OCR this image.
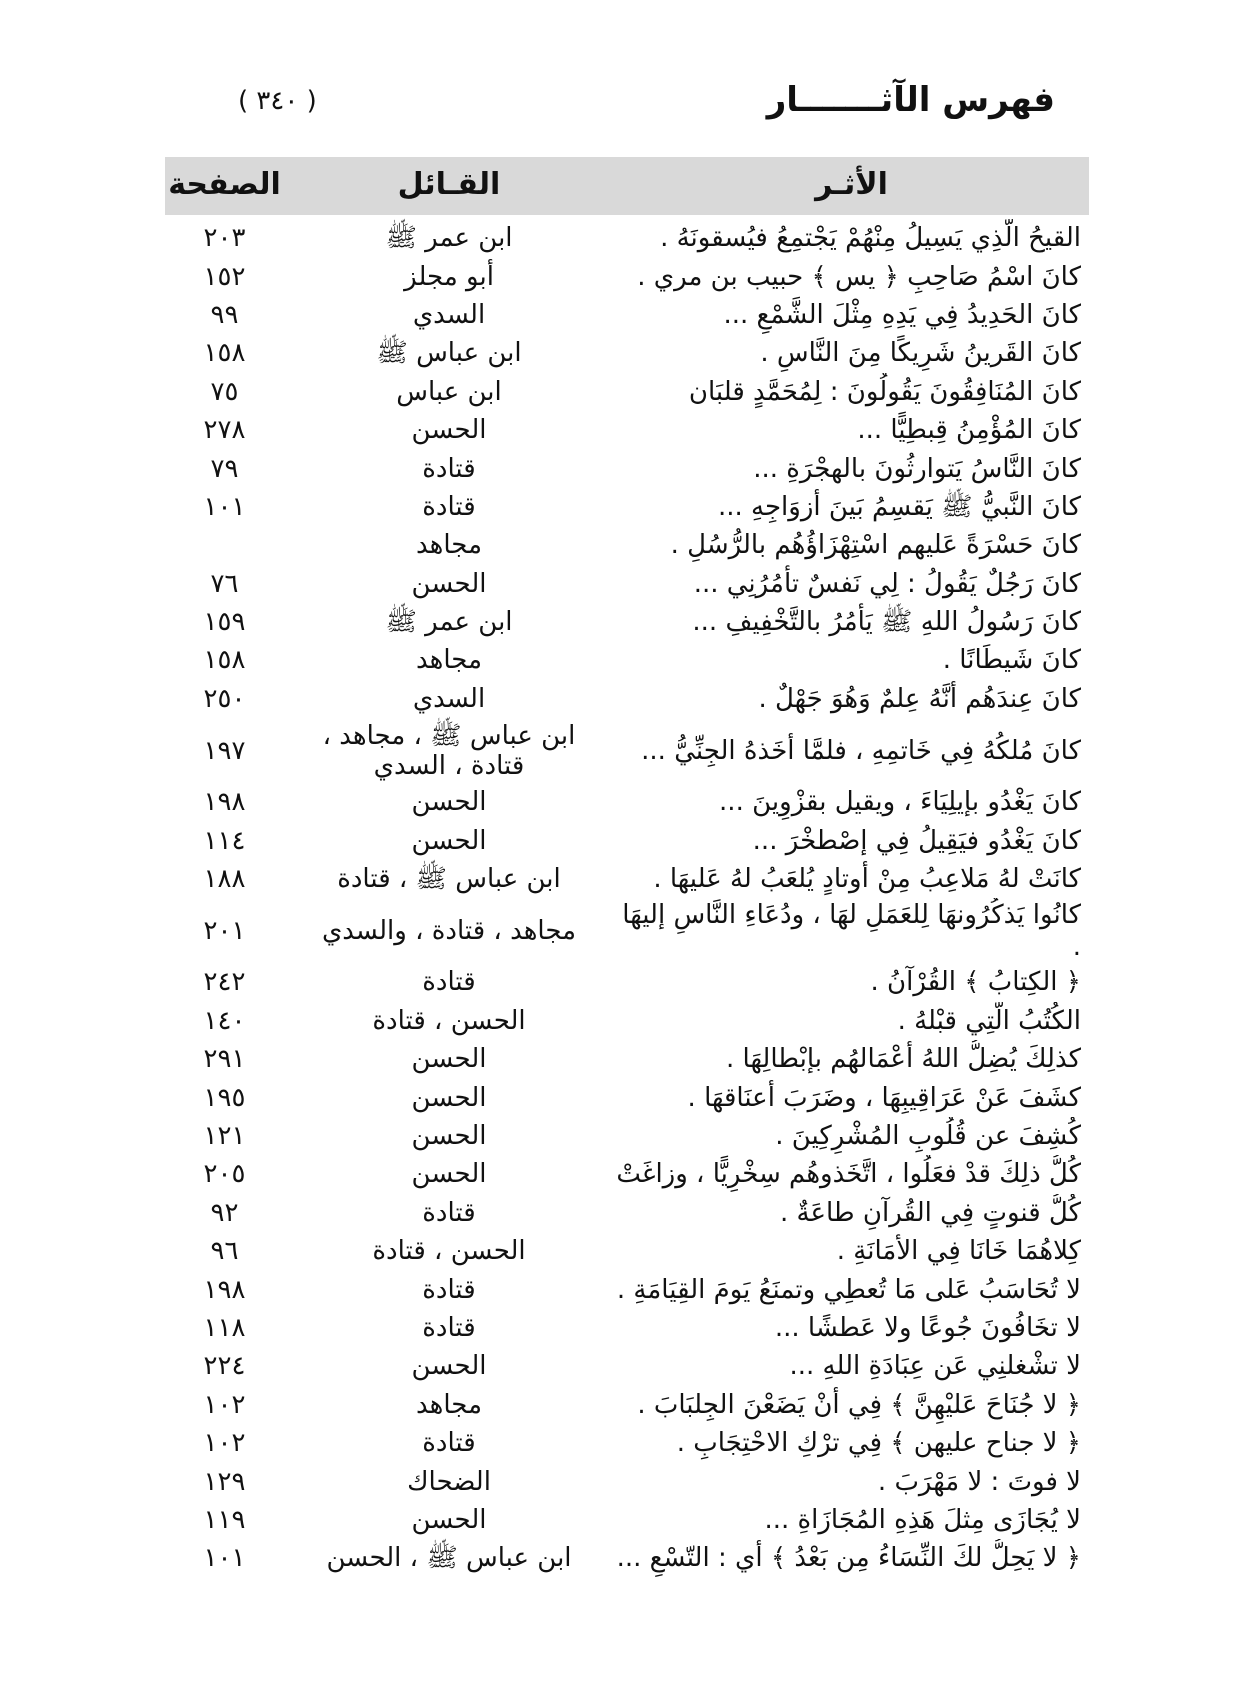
فهرس الآثـــــــار
( ٣٤٠ )
الأثـر
القـائل
الصفحة
القيحُ الّذِي يَسِيلُ مِنْهُمْ يَجْتمِعُ فيُسقونَهُ .
ابن عمر ﷺ
٢٠٣
كانَ اسْمُ صَاحِبِ ﴿ يس ﴾ حبيب بن مري .
أبو مجلز
١٥٢
كانَ الحَدِيدُ فِي يَدِهِ مِثْلَ الشَّمْعِ ...
السدي
٩٩
كانَ القَرينُ شَرِيكًا مِنَ النَّاسِ .
ابن عباس ﷺ
١٥٨
كانَ المُنَافِقُونَ يَقُولُونَ : لِمُحَمَّدٍ قلبَان
ابن عباس
٧٥
كانَ المُؤْمِنُ قِبطِيًّا ...
الحسن
٢٧٨
كانَ النَّاسُ يَتوارثُونَ بالهجْرَةِ ...
قتادة
٧٩
كانَ النَّبيُّ ﷺ يَقسِمُ بَينَ أزوَاجِهِ ...
قتادة
١٠١
كانَ حَسْرَةً عَليهم اسْتِهْزَاؤُهُم بالرُّسُلِ .
مجاهد
كانَ رَجُلٌ يَقُولُ : لِي نَفسٌ تأمُرُنِي ...
الحسن
٧٦
كانَ رَسُولُ اللهِ ﷺ يَأمُرُ بالتَّخْفِيفِ ...
ابن عمر ﷺ
١٥٩
كانَ شَيطَانًا .
مجاهد
١٥٨
كانَ عِندَهُم أَنَّهُ عِلمٌ وَهُوَ جَهْلٌ .
السدي
٢٥٠
كانَ مُلكُهُ فِي خَاتمِهِ ، فلمَّا أخَذهُ الجِنِّيُّ ...
ابن عباس ﷺ ، مجاهد ، قتادة ، السدي
١٩٧
كانَ يَغْدُو بإيلِيَاءَ ، ويقيل بقزْوِينَ ...
الحسن
١٩٨
كانَ يَغْدُو فيَقِيلُ فِي إصْطخْرَ ...
الحسن
١١٤
كانَتْ لهُ مَلاعِبُ مِنْ أوتادٍ يُلعَبُ لهُ عَليهَا .
ابن عباس ﷺ ، قتادة
١٨٨
كانُوا يَذكُرُونهَا لِلعَمَلِ لهَا ، ودُعَاءِ النَّاسِ إليهَا .
مجاهد ، قتادة ، والسدي
٢٠١
﴿ الكِتابُ ﴾ القُرْآنُ .
قتادة
٢٤٢
الكُتُبُ الّتِي قبْلهُ .
الحسن ، قتادة
١٤٠
كذلِكَ يُضِلُّ اللهُ أعْمَالهُم بإبْطالِهَا .
الحسن
٢٩١
كشَفَ عَنْ عَرَاقِيبِهَا ، وضَرَبَ أعنَاقهَا .
الحسن
١٩٥
كُشِفَ عن قُلُوبِ المُشْرِكِينَ .
الحسن
١٢١
كُلُّ ذلِكَ قدْ فعَلُوا ، اتَّخَذوهُم سِخْرِيًّا ، وزاغَتْ
الحسن
٢٠٥
كُلُّ قنوتٍ فِي القُرآنِ طاعَةٌ .
قتادة
٩٢
كِلاهُمَا خَانَا فِي الأمَانَةِ .
الحسن ، قتادة
٩٦
لا تُحَاسَبُ عَلى مَا تُعطِي وتمنَعُ يَومَ القِيَامَةِ .
قتادة
١٩٨
لا تخَافُونَ جُوعًا ولا عَطشًا ...
قتادة
١١٨
لا تشْغلنِي عَن عِبَادَةِ اللهِ ...
الحسن
٢٢٤
﴿ لا جُنَاحَ عَليْهِنَّ ﴾ فِي أنْ يَضَعْنَ الجِلبَابَ .
مجاهد
١٠٢
﴿ لا جناح عليهن ﴾ فِي ترْكِ الاحْتِجَابِ .
قتادة
١٠٢
لا فوتَ : لا مَهْرَبَ .
الضحاك
١٢٩
لا يُجَازَى مِثلَ هَذِهِ المُجَازَاةِ ...
الحسن
١١٩
﴿ لا يَحِلُّ لكَ النِّسَاءُ مِن بَعْدُ ﴾ أي : التّسْعِ ...
ابن عباس ﷺ ، الحسن
١٠١
